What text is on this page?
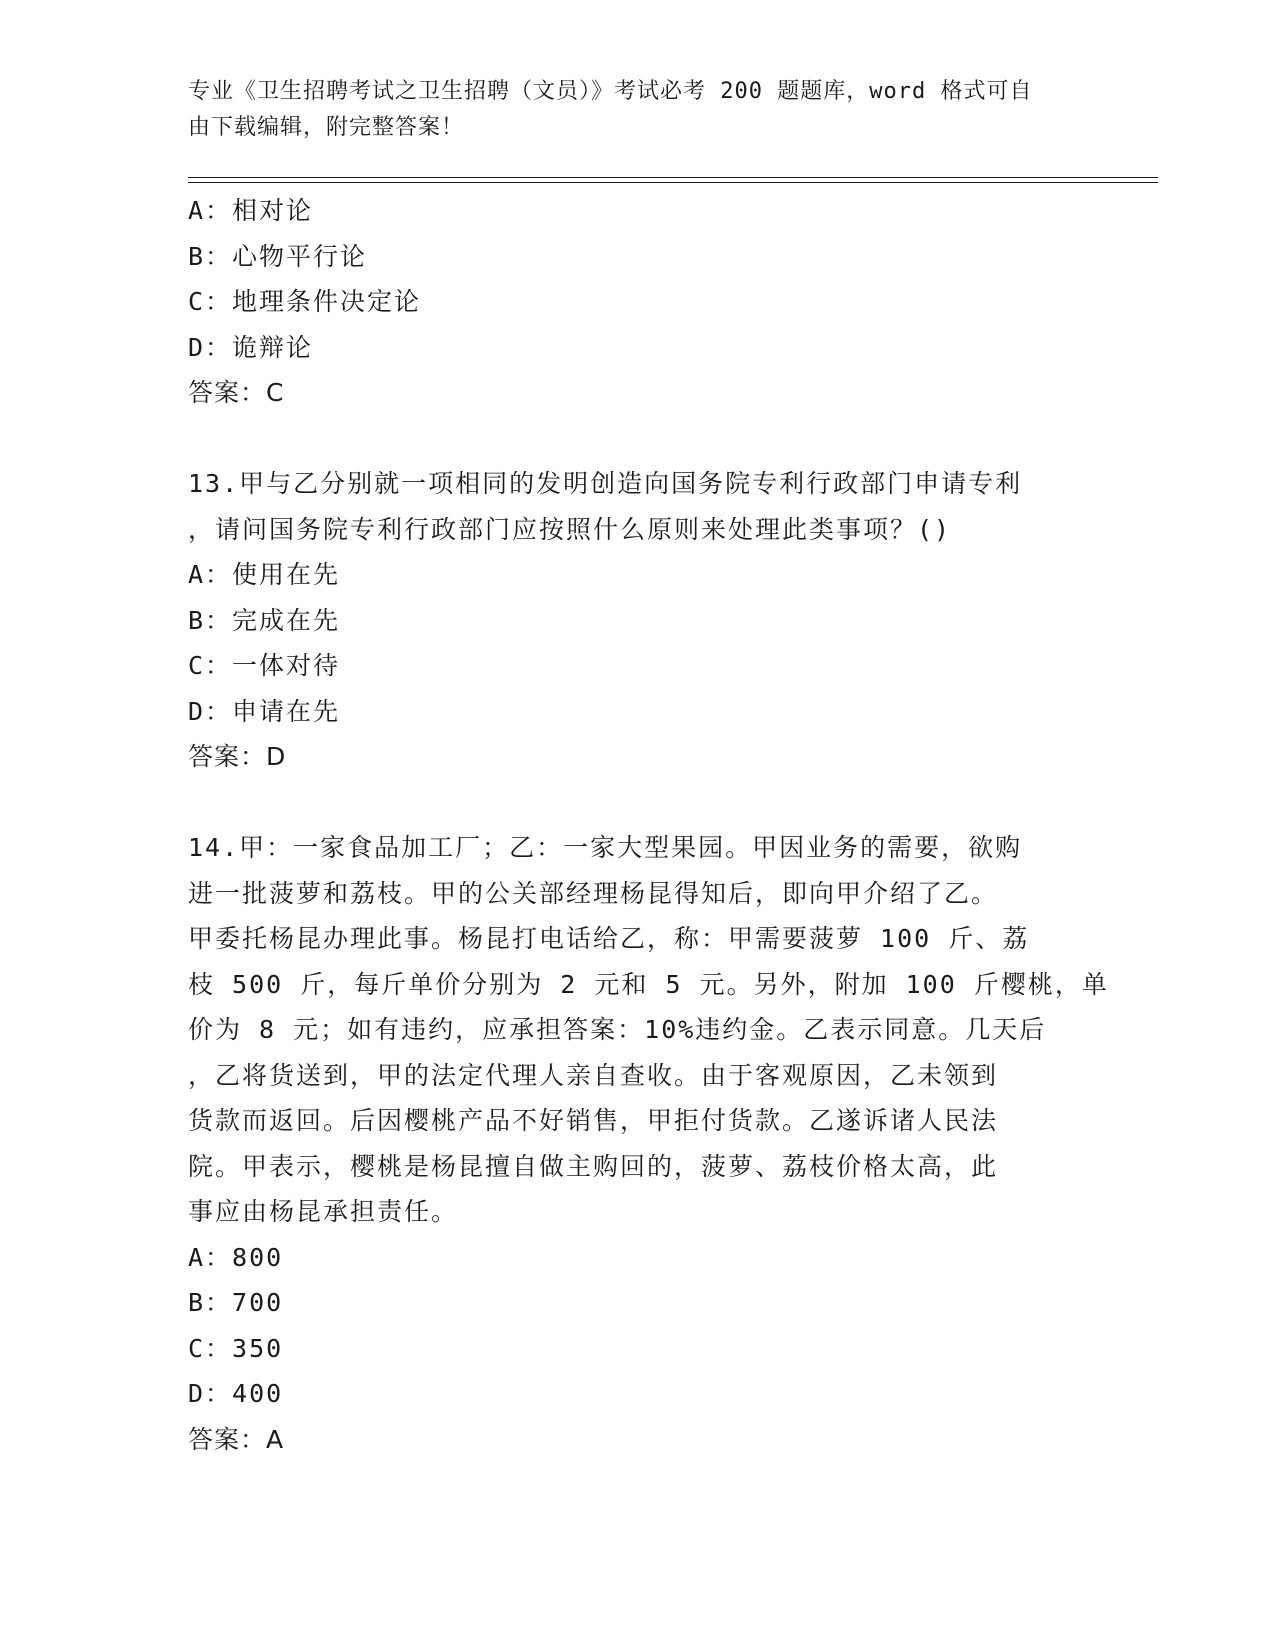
专业《卫生招聘考试之卫生招聘（文员）》考试必考 200 题题库，word 格式可自
由下载编辑，附完整答案！
A：相对论
B：心物平行论
C：地理条件决定论
D：诡辩论
答案：C
13.甲与乙分别就一项相同的发明创造向国务院专利行政部门申请专利
，请问国务院专利行政部门应按照什么原则来处理此类事项？()
A：使用在先
B：完成在先
C：一体对待
D：申请在先
答案：D
14.甲：一家食品加工厂；乙：一家大型果园。甲因业务的需要，欲购
进一批菠萝和荔枝。甲的公关部经理杨昆得知后，即向甲介绍了乙。
甲委托杨昆办理此事。杨昆打电话给乙，称：甲需要菠萝 100 斤、荔
枝 500 斤，每斤单价分别为 2 元和 5 元。另外，附加 100 斤樱桃，单
价为 8 元；如有违约，应承担答案：10%违约金。乙表示同意。几天后
，乙将货送到，甲的法定代理人亲自查收。由于客观原因，乙未领到
货款而返回。后因樱桃产品不好销售，甲拒付货款。乙遂诉诸人民法
院。甲表示，樱桃是杨昆擅自做主购回的，菠萝、荔枝价格太高，此
事应由杨昆承担责任。
A：800
B：700
C：350
D：400
答案：A
